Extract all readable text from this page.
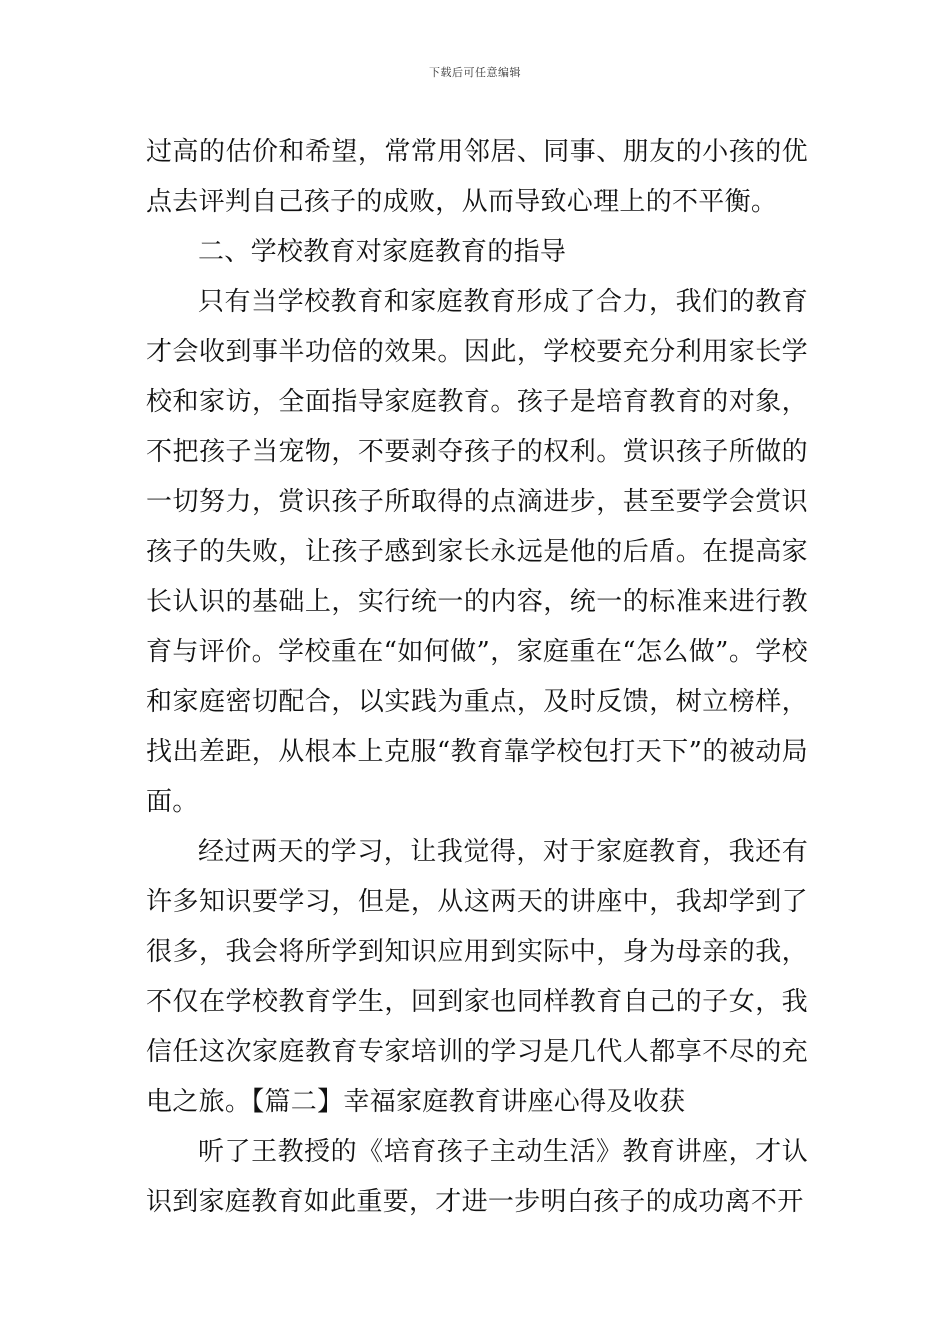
下载后可任意编辑

过高的估价和希望，常常用邻居、同事、朋友的小孩的优点去评判自己孩子的成败，从而导致心理上的不平衡。

二、学校教育对家庭教育的指导

只有当学校教育和家庭教育形成了合力，我们的教育才会收到事半功倍的效果。因此，学校要充分利用家长学校和家访，全面指导家庭教育。孩子是培育教育的对象，不把孩子当宠物，不要剥夺孩子的权利。赏识孩子所做的一切努力，赏识孩子所取得的点滴进步，甚至要学会赏识孩子的失败，让孩子感到家长永远是他的后盾。在提高家长认识的基础上，实行统一的内容，统一的标准来进行教育与评价。学校重在“如何做”，家庭重在“怎么做”。学校和家庭密切配合，以实践为重点，及时反馈，树立榜样，找出差距，从根本上克服“教育靠学校包打天下”的被动局面。

经过两天的学习，让我觉得，对于家庭教育，我还有许多知识要学习，但是，从这两天的讲座中，我却学到了很多，我会将所学到知识应用到实际中，身为母亲的我，不仅在学校教育学生，回到家也同样教育自己的子女，我信任这次家庭教育专家培训的学习是几代人都享不尽的充电之旅。【篇二】幸福家庭教育讲座心得及收获

听了王教授的《培育孩子主动生活》教育讲座，才认识到家庭教育如此重要，才进一步明白孩子的成功离不开
